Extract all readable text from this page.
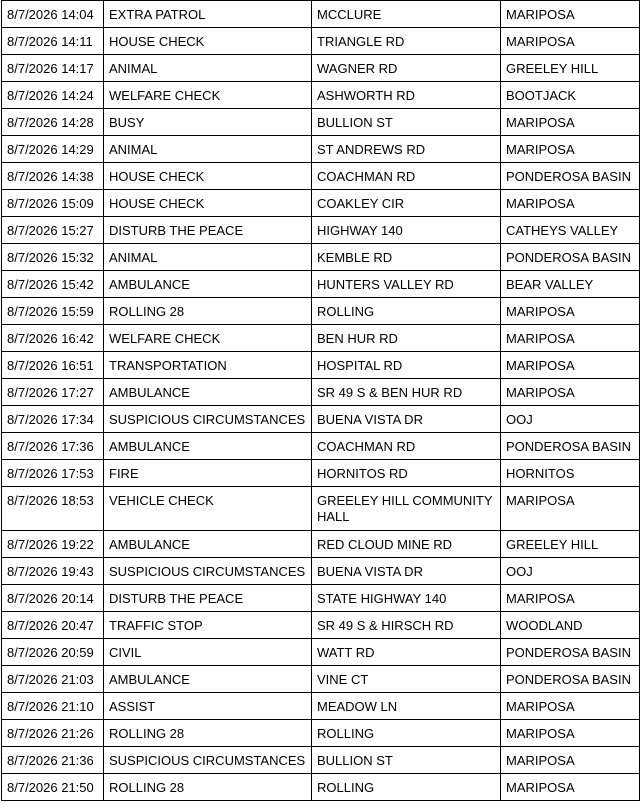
8/7/2026 14:04	EXTRA PATROL	MCCLURE	MARIPOSA
8/7/2026 14:11	HOUSE CHECK	TRIANGLE RD	MARIPOSA
8/7/2026 14:17	ANIMAL	WAGNER RD	GREELEY HILL
8/7/2026 14:24	WELFARE CHECK	ASHWORTH RD	BOOTJACK
8/7/2026 14:28	BUSY	BULLION ST	MARIPOSA
8/7/2026 14:29	ANIMAL	ST ANDREWS RD	MARIPOSA
8/7/2026 14:38	HOUSE CHECK	COACHMAN RD	PONDEROSA BASIN
8/7/2026 15:09	HOUSE CHECK	COAKLEY CIR	MARIPOSA
8/7/2026 15:27	DISTURB THE PEACE	HIGHWAY 140	CATHEYS VALLEY
8/7/2026 15:32	ANIMAL	KEMBLE RD	PONDEROSA BASIN
8/7/2026 15:42	AMBULANCE	HUNTERS VALLEY RD	BEAR VALLEY
8/7/2026 15:59	ROLLING 28	ROLLING	MARIPOSA
8/7/2026 16:42	WELFARE CHECK	BEN HUR RD	MARIPOSA
8/7/2026 16:51	TRANSPORTATION	HOSPITAL RD	MARIPOSA
8/7/2026 17:27	AMBULANCE	SR 49 S & BEN HUR RD	MARIPOSA
8/7/2026 17:34	SUSPICIOUS CIRCUMSTANCES	BUENA VISTA DR	OOJ
8/7/2026 17:36	AMBULANCE	COACHMAN RD	PONDEROSA BASIN
8/7/2026 17:53	FIRE	HORNITOS RD	HORNITOS
8/7/2026 18:53	VEHICLE CHECK	GREELEY HILL COMMUNITY HALL	MARIPOSA
8/7/2026 19:22	AMBULANCE	RED CLOUD MINE RD	GREELEY HILL
8/7/2026 19:43	SUSPICIOUS CIRCUMSTANCES	BUENA VISTA DR	OOJ
8/7/2026 20:14	DISTURB THE PEACE	STATE HIGHWAY 140	MARIPOSA
8/7/2026 20:47	TRAFFIC STOP	SR 49 S & HIRSCH RD	WOODLAND
8/7/2026 20:59	CIVIL	WATT RD	PONDEROSA BASIN
8/7/2026 21:03	AMBULANCE	VINE CT	PONDEROSA BASIN
8/7/2026 21:10	ASSIST	MEADOW LN	MARIPOSA
8/7/2026 21:26	ROLLING 28	ROLLING	MARIPOSA
8/7/2026 21:36	SUSPICIOUS CIRCUMSTANCES	BULLION ST	MARIPOSA
8/7/2026 21:50	ROLLING 28	ROLLING	MARIPOSA
